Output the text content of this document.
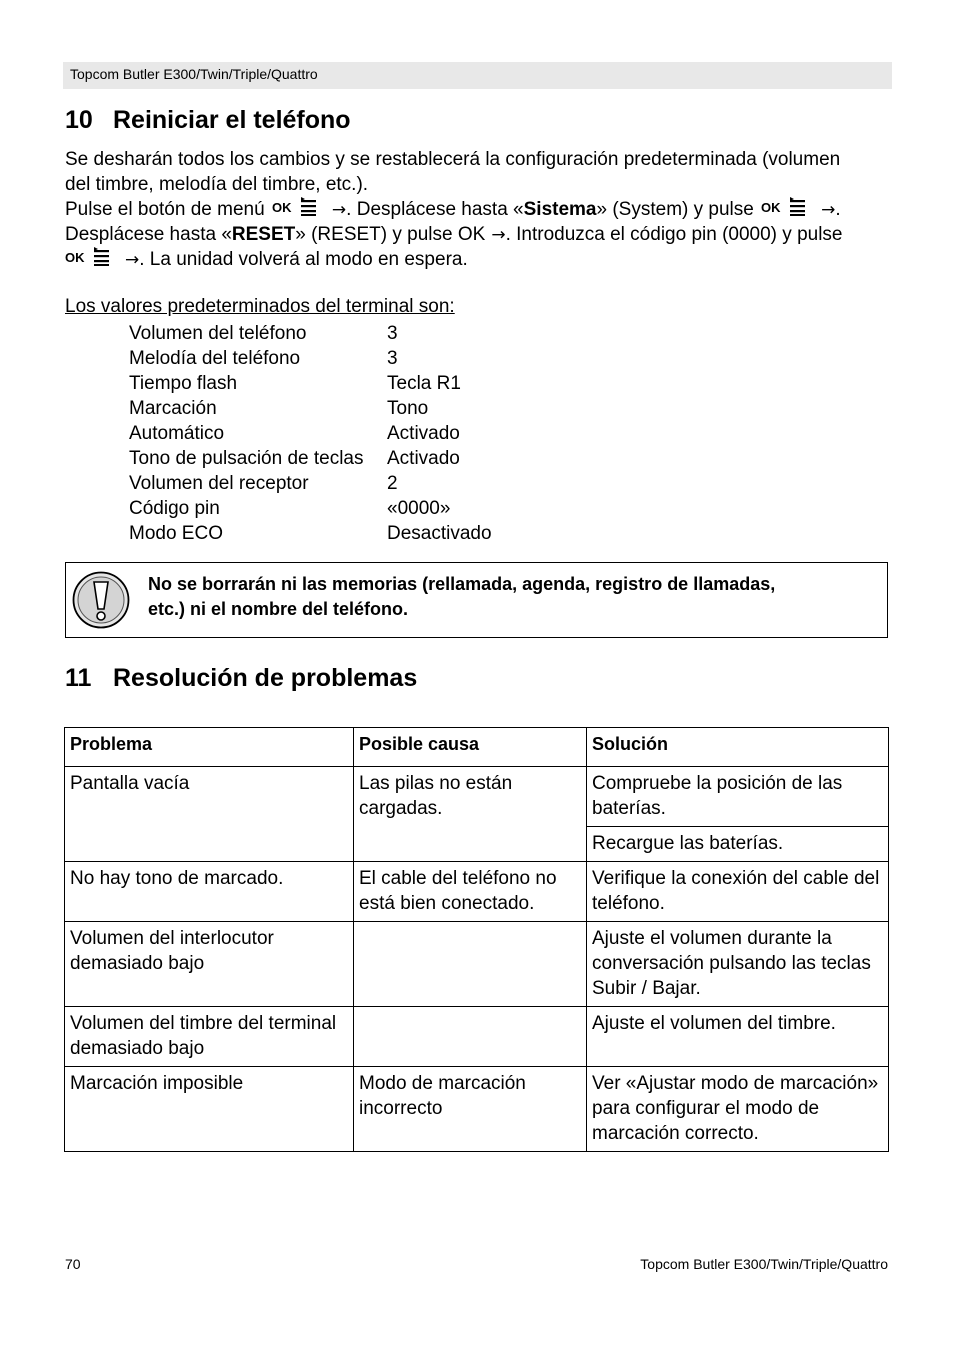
Topcom Butler E300/Twin/Triple/Quattro
10 Reiniciar el teléfono

Se desharán todos los cambios y se restablecerá la configuración predeterminada (volumen

del timbre, melodía del timbre, etc.).

Pulse el botón de menú OK →. Desplácese hasta «Sistema» (System) y pulse OK →.

Desplácese hasta «RESET» (RESET) y pulse OK →. Introduzca el código pin (0000) y pulse

OK →. La unidad volverá al modo en espera.

Los valores predeterminados del terminal son:
Volumen del teléfono	3
Melodía del teléfono	3
Tiempo flash	Tecla R1
Marcación	Tono
Automático	Activado
Tono de pulsación de teclas	Activado
Volumen del receptor	2
Código pin	«0000»
Modo ECO	Desactivado
No se borrarán ni las memorias (rellamada, agenda, registro de llamadas,
etc.) ni el nombre del teléfono.
11 Resolución de problemas
Problema	Posible causa	Solución
Pantalla vacía	Las pilas no están cargadas.	Compruebe la posición de las baterías.
		Recargue las baterías.
No hay tono de marcado.	El cable del teléfono no está bien conectado.	Verifique la conexión del cable del teléfono.
Volumen del interlocutor demasiado bajo		Ajuste el volumen durante la conversación pulsando las teclas Subir / Bajar.
Volumen del timbre del terminal demasiado bajo		Ajuste el volumen del timbre.
Marcación imposible	Modo de marcación incorrecto	Ver «Ajustar modo de marcación» para configurar el modo de marcación correcto.
70	Topcom Butler E300/Twin/Triple/Quattro
